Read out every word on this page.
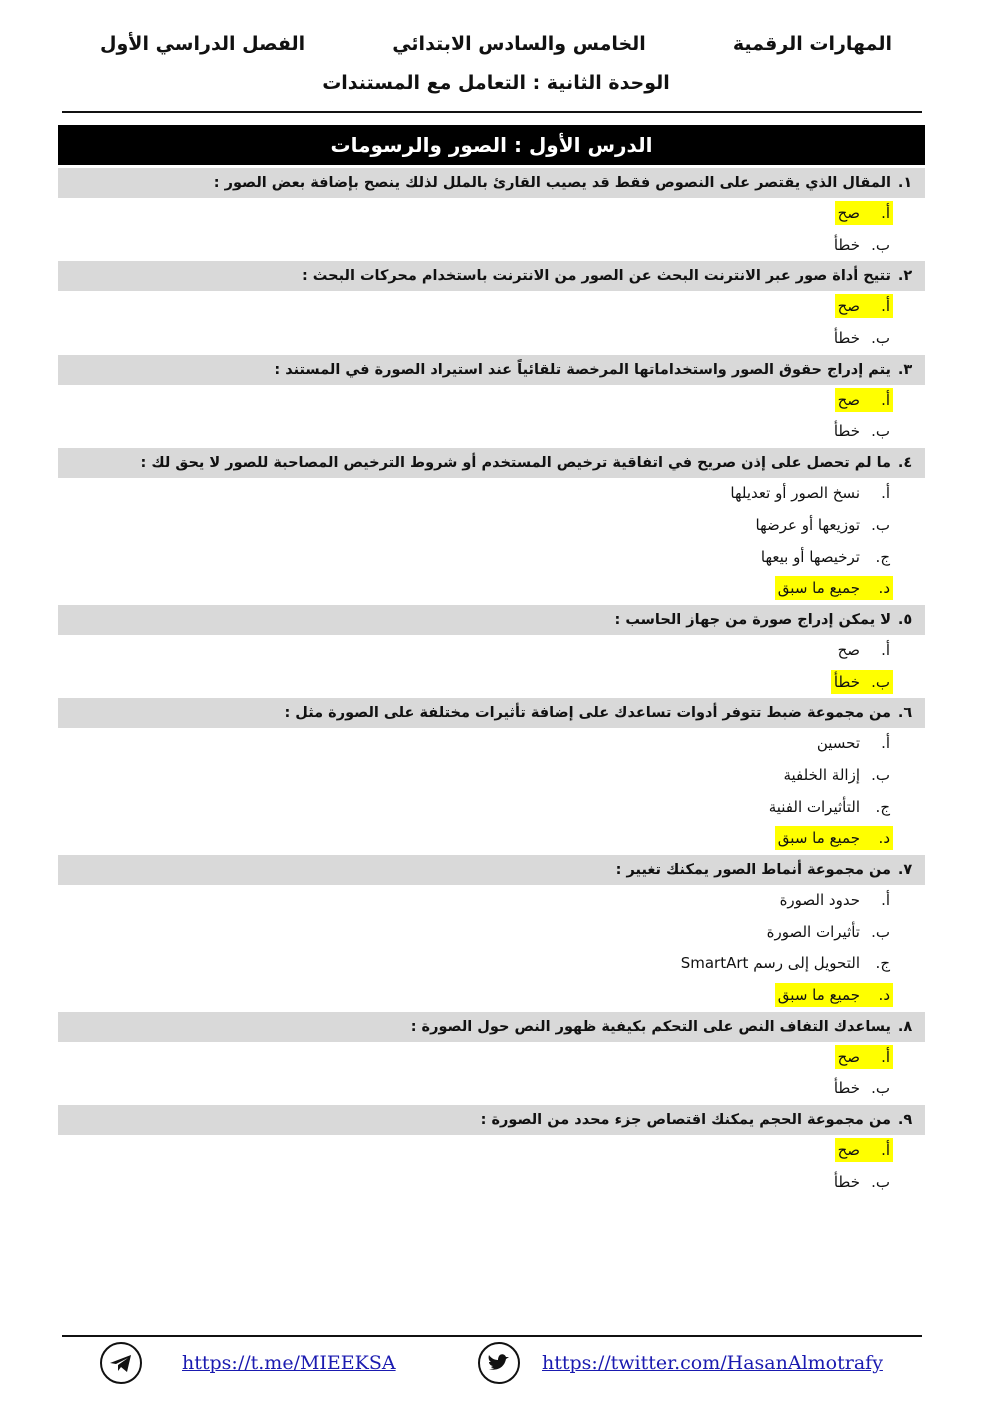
المهارات الرقمية
الخامس والسادس الابتدائي
الفصل الدراسي الأول
الوحدة الثانية : التعامل مع المستندات
الدرس الأول : الصور والرسومات
١.
المقال الذي يقتصر على النصوص فقط قد يصيب القارئ بالملل لذلك ينصح بإضافة بعض الصور :
أ.صح
ب.خطأ
٢.
تتيح أداة صور عبر الانترنت البحث عن الصور من الانترنت باستخدام محركات البحث :
أ.صح
ب.خطأ
٣.
يتم إدراج حقوق الصور واستخداماتها المرخصة تلقائياً عند استيراد الصورة في المستند :
أ.صح
ب.خطأ
٤.
ما لم تحصل على إذن صريح في اتفاقية ترخيص المستخدم أو شروط الترخيص المصاحبة للصور لا يحق لك :
أ.نسخ الصور أو تعديلها
ب.توزيعها أو عرضها
ج.ترخيصها أو بيعها
د.جميع ما سبق
٥.
لا يمكن إدراج صورة من جهاز الحاسب :
أ.صح
ب.خطأ
٦.
من مجموعة ضبط تتوفر أدوات تساعدك على إضافة تأثيرات مختلفة على الصورة مثل :
أ.تحسين
ب.إزالة الخلفية
ج.التأثيرات الفنية
د.جميع ما سبق
٧.
من مجموعة أنماط الصور يمكنك تغيير :
أ.حدود الصورة
ب.تأثيرات الصورة
ج.التحويل إلى رسم SmartArt
د.جميع ما سبق
٨.
يساعدك التفاف النص على التحكم بكيفية ظهور النص حول الصورة :
أ.صح
ب.خطأ
٩.
من مجموعة الحجم يمكنك اقتصاص جزء محدد من الصورة :
أ.صح
ب.خطأ
https://t.me/MIEEKSA	https://twitter.com/HasanAlmotrafy
